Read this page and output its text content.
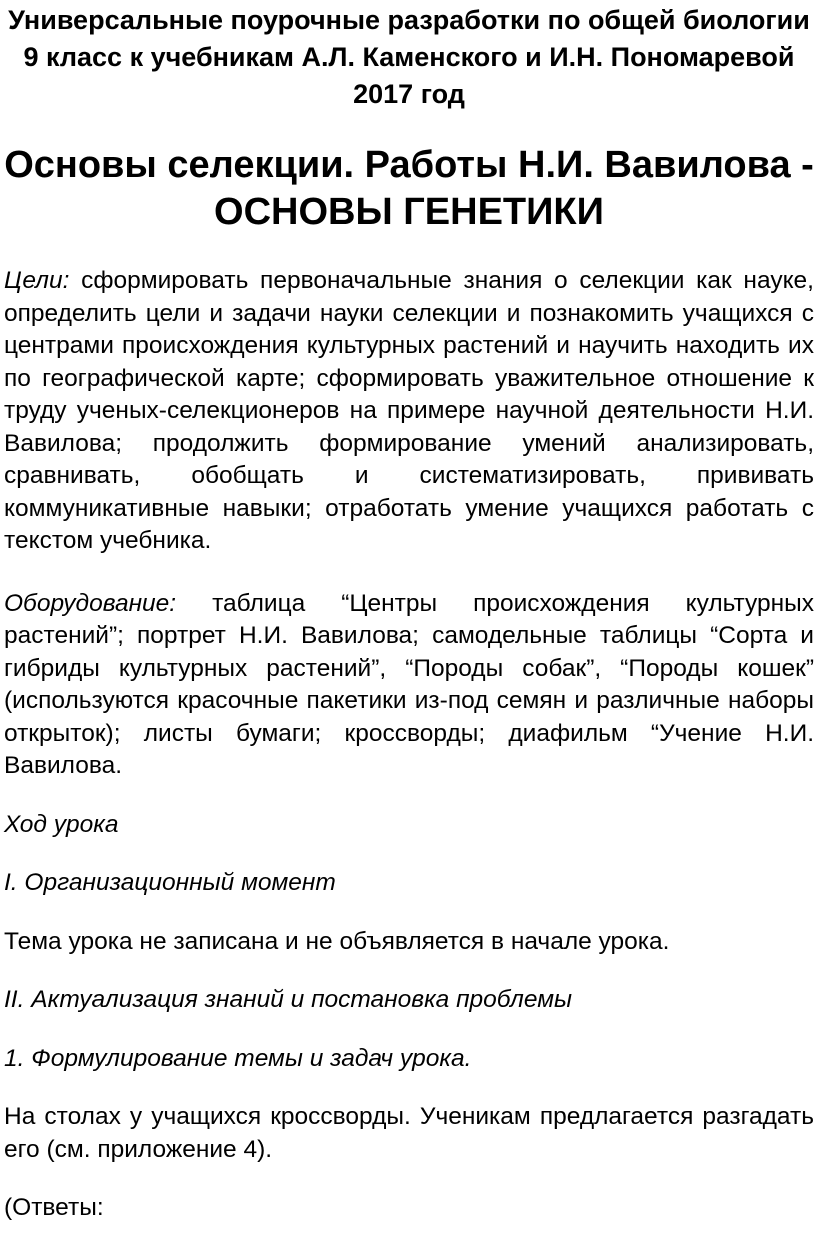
Универсальные поурочные разработки по общей биологии 9 класс к учебникам А.Л. Каменского и И.Н. Пономаревой 2017 год
Основы селекции. Работы Н.И. Вавилова - ОСНОВЫ ГЕНЕТИКИ

Цели: сформировать первоначальные знания о селекции как науке, определить цели и задачи науки селекции и познакомить учащихся с центрами происхождения культурных растений и научить находить их по географической карте; сформировать уважительное отношение к труду ученых-селекционеров на примере научной деятельности Н.И. Вавилова; продолжить формирование умений анализировать, сравнивать, обобщать и систематизировать, прививать коммуникативные навыки; отработать умение учащихся работать с текстом учебника.

Оборудование: таблица “Центры происхождения культурных растений”; портрет Н.И. Вавилова; самодельные таблицы “Сорта и гибриды культурных растений”, “Породы собак”, “Породы кошек” (используются красочные пакетики из-под семян и различные наборы открыток); листы бумаги; кроссворды; диафильм “Учение Н.И. Вавилова.

Ход урока

I. Организационный момент

Тема урока не записана и не объявляется в начале урока.

II. Актуализация знаний и постановка проблемы

1. Формулирование темы и задач урока.

На столах у учащихся кроссворды. Ученикам предлагается разгадать его (см. приложение 4).

(Ответы:
